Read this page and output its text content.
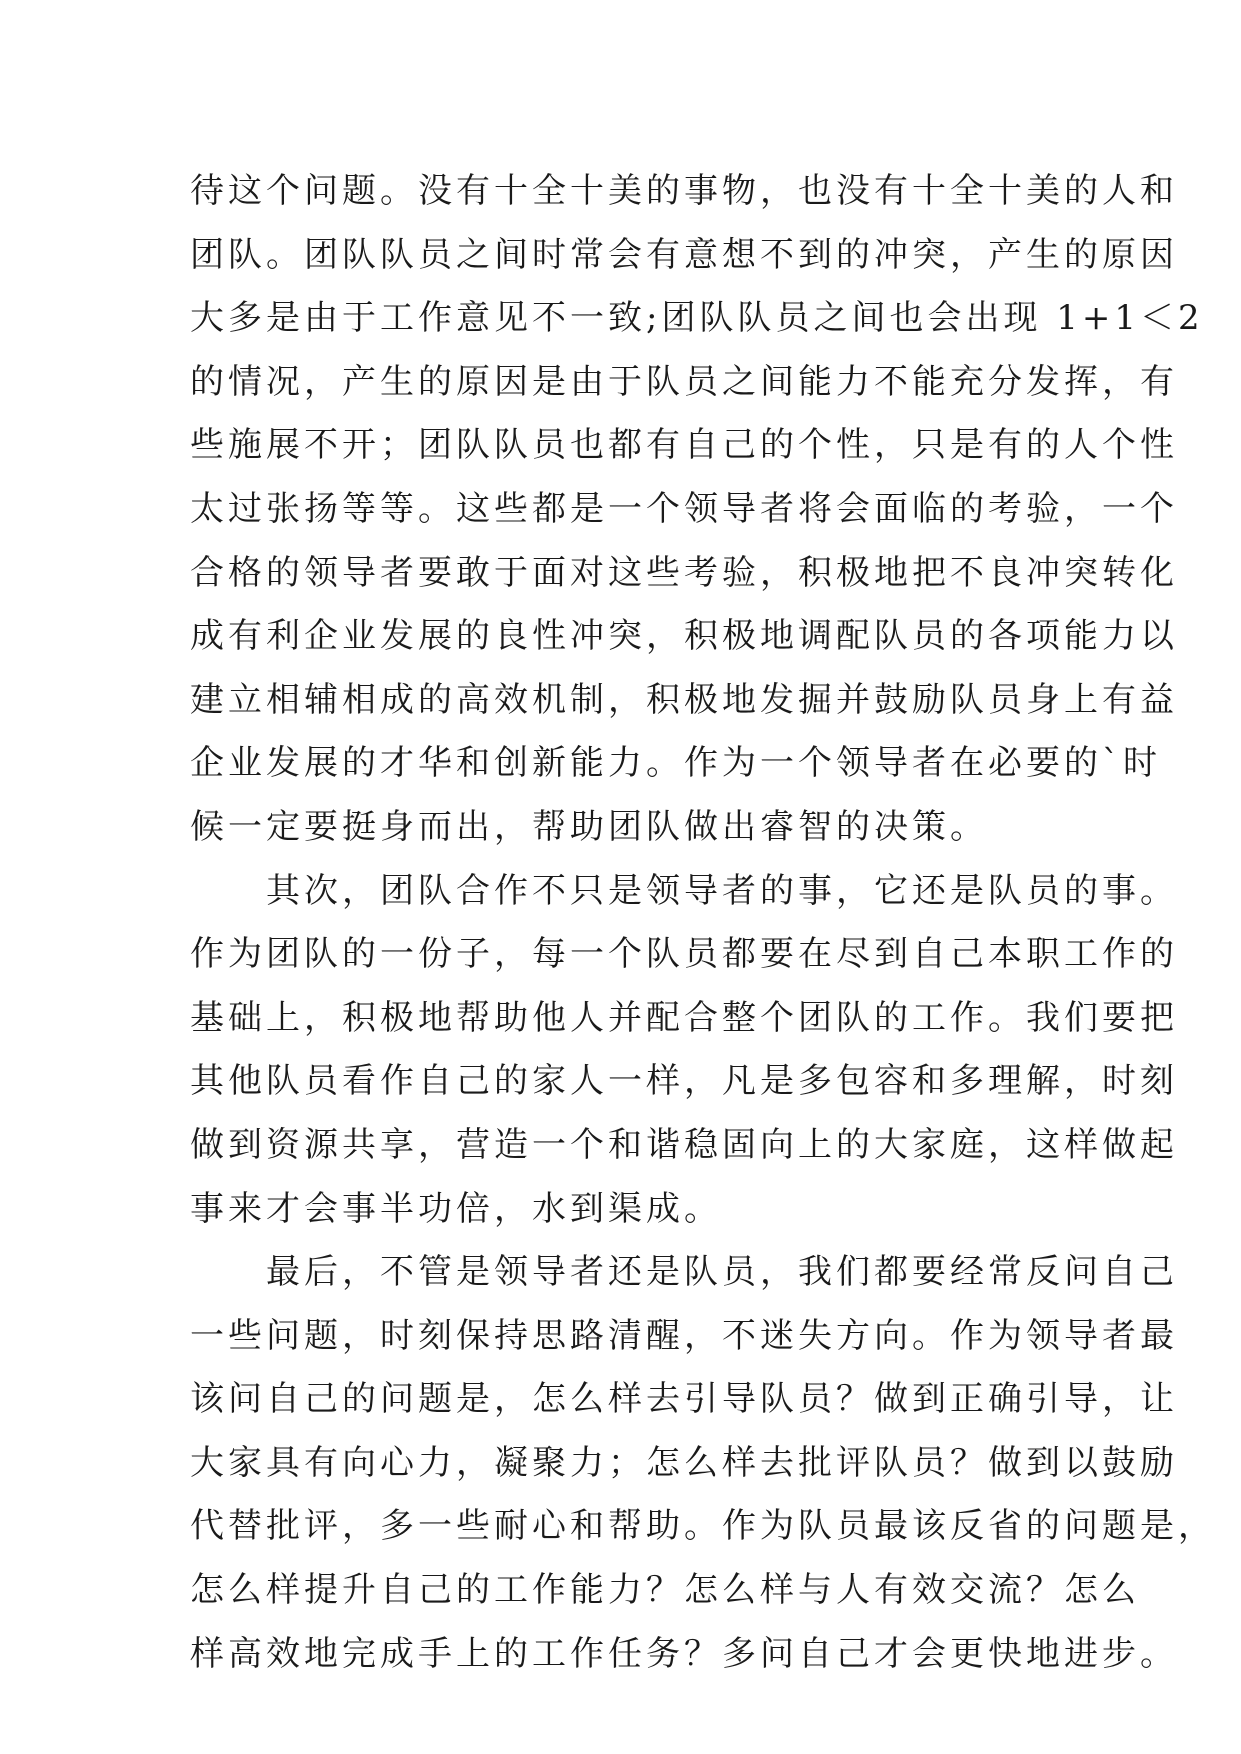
待这个问题。没有十全十美的事物，也没有十全十美的人和
团队。团队队员之间时常会有意想不到的冲突，产生的原因
大多是由于工作意见不一致;团队队员之间也会出现 1+1＜2
的情况，产生的原因是由于队员之间能力不能充分发挥，有
些施展不开；团队队员也都有自己的个性，只是有的人个性
太过张扬等等。这些都是一个领导者将会面临的考验，一个
合格的领导者要敢于面对这些考验，积极地把不良冲突转化
成有利企业发展的良性冲突，积极地调配队员的各项能力以
建立相辅相成的高效机制，积极地发掘并鼓励队员身上有益
企业发展的才华和创新能力。作为一个领导者在必要的`时
候一定要挺身而出，帮助团队做出睿智的决策。
　　其次，团队合作不只是领导者的事，它还是队员的事。
作为团队的一份子，每一个队员都要在尽到自己本职工作的
基础上，积极地帮助他人并配合整个团队的工作。我们要把
其他队员看作自己的家人一样，凡是多包容和多理解，时刻
做到资源共享，营造一个和谐稳固向上的大家庭，这样做起
事来才会事半功倍，水到渠成。
　　最后，不管是领导者还是队员，我们都要经常反问自己
一些问题，时刻保持思路清醒，不迷失方向。作为领导者最
该问自己的问题是，怎么样去引导队员？做到正确引导，让
大家具有向心力，凝聚力；怎么样去批评队员？做到以鼓励
代替批评，多一些耐心和帮助。作为队员最该反省的问题是，
怎么样提升自己的工作能力？怎么样与人有效交流？怎么
样高效地完成手上的工作任务？多问自己才会更快地进步。
